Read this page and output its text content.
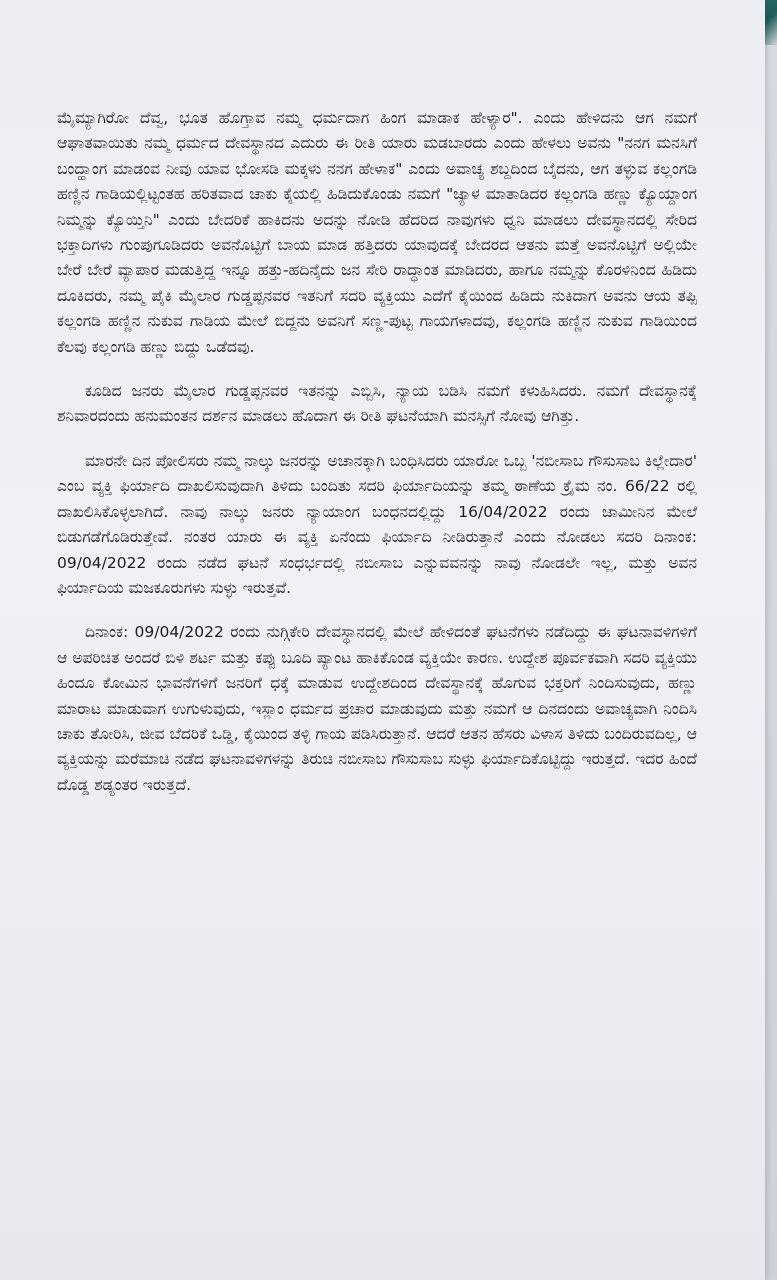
ಮೈಮ್ಯಾಗಿರೋ ದೆವ್ವ, ಭೂತ ಹೊಗ್ತಾವ ನಮ್ಮ ಧರ್ಮದಾಗ ಹಿಂಗ ಮಾಡಾಕ ಹೇಳ್ಯಾರ". ಎಂದು ಹೇಳಿದನು ಆಗ ನಮಗೆ ಆಘಾತವಾಯಿತು ನಮ್ಮ ಧರ್ಮದ ದೇವಸ್ಥಾನದ ಎದುರು ಈ ರೀತಿ ಯಾರು ಮಡಬಾರದು ಎಂದು ಹೇಳಲು ಅವನು "ನನಗ ಮನಸಿಗೆ ಬಂದ್ಹಾಂಗ ಮಾಡಂವ ನೀವು ಯಾವ ಭೋಸಡಿ ಮಕ್ಕಳು ನನಗ ಹೇಳಾಕ" ಎಂದು ಅವಾಚ್ಯ ಶಬ್ದದಿಂದ ಬೈದನು, ಆಗ ತಳ್ಳುವ ಕಲ್ಲಂಗಡಿ ಹಣ್ಣಿನ ಗಾಡಿಯಲ್ಲಿಟ್ಟಂತಹ ಹರಿತವಾದ ಚಾಕು ಕೈಯಲ್ಲಿ ಹಿಡಿದುಕೊಂಡು ನಮಗೆ "ಜ್ಯಾಳ ಮಾತಾಡಿದರ ಕಲ್ಲಂಗಡಿ ಹಣ್ಣು ಕ್ಯೊಯ್ದಾಂಗ ನಿಮ್ಮನ್ನು ಕ್ಯೊಯ್ತಿನಿ" ಎಂದು ಬೇದರಿಕೆ ಹಾಕಿದನು ಅದನ್ನು ನೋಡಿ ಹೆದರಿದ ನಾವುಗಳು ಧ್ವನಿ ಮಾಡಲು ದೇವಸ್ಥಾನದಲ್ಲಿ ಸೇರಿದ ಭಕ್ತಾದಿಗಳು ಗುಂಪುಗೂಡಿದರು ಅವನೊಟ್ಟಿಗೆ ಬಾಯ ಮಾಡ ಹತ್ತಿದರು ಯಾವುದಕ್ಕೆ ಬೇದರದ ಆತನು ಮತ್ತೆ ಅವನೊಟ್ಟಿಗೆ ಅಲ್ಲಿಯೇ ಬೇರೆ ಬೇರೆ ವ್ಯಾಪಾರ ಮಡುತ್ತಿದ್ದ ಇನ್ನೂ ಹತ್ತು-ಹದಿನೈದು ಜನ ಸೇರಿ ರಾದ್ಧಾಂತ ಮಾಡಿದರು, ಹಾಗೂ ನಮ್ಮನ್ನು ಕೊರಳಿನಿಂದ ಹಿಡಿದು ದೂಕಿದರು, ನಮ್ಮ ಪೈಕಿ ಮೈಲಾರ ಗುಡ್ಡಪ್ಪನವರ ಇತನಿಗೆ ಸದರಿ ವ್ಯಕ್ತಿಯು ಎದೆಗೆ ಕೈಯಿಂದ ಹಿಡಿದು ನುಕಿದಾಗ ಅವನು ಆಯ ತಪ್ಪಿ ಕಲ್ಲಂಗಡಿ ಹಣ್ಣಿನ ನುಕುವ ಗಾಡಿಯ ಮೇಲೆ ಬಿದ್ದನು ಅವನಿಗೆ ಸಣ್ಣ-ಪುಟ್ಟ ಗಾಯಗಳಾದವು, ಕಲ್ಲಂಗಡಿ ಹಣ್ಣಿನ ನುಕುವ ಗಾಡಿಯಿಂದ ಕೆಲವು ಕಲ್ಲಂಗಡಿ ಹಣ್ಣು ಬಿದ್ದು ಒಡೆದವು.

ಕೂಡಿದ ಜನರು ಮೈಲಾರ ಗುಡ್ಡಪ್ಪನವರ ಇತನನ್ನು ಎಬ್ಬಿಸಿ, ನ್ಯಾಯ ಬಡಿಸಿ ನಮಗೆ ಕಳುಹಿಸಿದರು. ನಮಗೆ ದೇವಸ್ಥಾನಕ್ಕೆ ಶನಿವಾರದಂದು ಹನುಮಂತನ ದರ್ಶನ ಮಾಡಲು ಹೊದಾಗ ಈ ರೀತಿ ಘಟನೆಯಾಗಿ ಮನಸ್ಸಿಗೆ ನೋವು ಆಗಿತ್ತು.

ಮಾರನೇ ದಿನ ಪೋಲಿಸರು ನಮ್ಮ ನಾಲ್ಕು ಜನರನ್ನು ಅಚಾನಕ್ಕಾಗಿ ಬಂಧಿಸಿದರು ಯಾರೋ ಒಬ್ಬ 'ನಬೀಸಾಬ ಗೌಸುಸಾಬ ಕಿಲ್ಲೇದಾರ' ಎಂಬ ವ್ಯಕ್ತಿ ಫಿರ್ಯಾದಿ ದಾಖಲಿಸುವುದಾಗಿ ತಿಳಿದು ಬಂದಿತು ಸದರಿ ಫಿರ್ಯಾದಿಯನ್ನು ತಮ್ಮ ಠಾಣೆಯ ಕ್ರೈಮ ನಂ. 66/22 ರಲ್ಲಿ ದಾಖಲಿಸಿಕೊಳ್ಳಲಾಗಿದೆ. ನಾವು ನಾಲ್ಕು ಜನರು ನ್ಯಾಯಾಂಗ ಬಂಧನದಲ್ಲಿದ್ದು 16/04/2022 ರಂದು ಜಾಮೀನಿನ ಮೇಲೆ ಬಿಡುಗಡೆಗೊಡಿರುತ್ತೇವೆ. ನಂತರ ಯಾರು ಈ ವ್ಯಕ್ತಿ ಏನೆಂದು ಫಿರ್ಯಾದಿ ನೀಡಿರುತ್ತಾನೆ ಎಂದು ನೋಡಲು ಸದರಿ ದಿನಾಂಕ: 09/04/2022 ರಂದು ನಡೆದ ಘಟನೆ ಸಂಧರ್ಭದಲ್ಲಿ ನಬೀಸಾಬ ಎನ್ನುವವನನ್ನು ನಾವು ನೋಡಲೇ ಇಲ್ಲ, ಮತ್ತು ಅವನ ಫಿರ್ಯಾದಿಯ ಮಜಕೂರುಗಳು ಸುಳ್ಳು ಇರುತ್ತವೆ.

ದಿನಾಂಕ: 09/04/2022 ರಂದು ನುಗ್ಗಿಕೇರಿ ದೇವಸ್ಥಾನದಲ್ಲಿ ಮೇಲೆ ಹೇಳಿದಂತೆ ಘಟನೆಗಳು ನಡೆದಿದ್ದು ಈ ಘಟನಾವಳಿಗಳಿಗೆ ಆ ಅಪರಿಚಿತ ಅಂದರೆ ಬಿಳಿ ಶರ್ಟ ಮತ್ತು ಕಪ್ಪು ಬೂದಿ ಪ್ಯಾಂಟ ಹಾಕಿಕೊಂಡ ವ್ಯಕ್ತಿಯೇ ಕಾರಣ. ಉದ್ದೇಶ ಪೂರ್ವಕವಾಗಿ ಸದರಿ ವ್ಯಕ್ತಿಯು ಹಿಂದೂ ಕೋಮಿನ ಭಾವನೆಗಳಿಗೆ ಜನರಿಗೆ ಧಕ್ಕೆ ಮಾಡುವ ಉದ್ದೇಶದಿಂದ ದೇವಸ್ಥಾನಕ್ಕೆ ಹೊಗುವ ಭಕ್ತರಿಗೆ ನಿಂದಿಸುವುದು, ಹಣ್ಣು ಮಾರಾಟ ಮಾಡುವಾಗ ಉಗುಳುವುದು, ಇಸ್ಲಾಂ ಧರ್ಮದ ಪ್ರಚಾರ ಮಾಡುವುದು ಮತ್ತು ನಮಗೆ ಆ ದಿನದಂದು ಅವಾಚ್ಯವಾಗಿ ನಿಂದಿಸಿ ಚಾಕು ತೋರಿಸಿ, ಜೀವ ಬೆದರಿಕೆ ಒಡ್ಡಿ, ಕೈಯಿಂದ ತಳ್ಳಿ ಗಾಯ ಪಡಿಸಿರುತ್ತಾನೆ. ಆದರೆ ಆತನ ಹೆಸರು ವಿಳಾಸ ತಿಳಿದು ಬಂದಿರುವದಿಲ್ಲ, ಆ ವ್ಯಕ್ತಿಯನ್ನು ಮರೆಮಾಚಿ ನಡೆದ ಘಟನಾವಳಿಗಳನ್ನು ತಿರುಚಿ ನಬೀಸಾಬ ಗೌಸುಸಾಬ ಸುಳ್ಳು ಫಿರ್ಯಾದಿಕೊಟ್ಟಿದ್ದು ಇರುತ್ತದೆ. ಇದರ ಹಿಂದೆ ದೊಡ್ಡ ಶಡ್ಯಂತರ ಇರುತ್ತದೆ.
